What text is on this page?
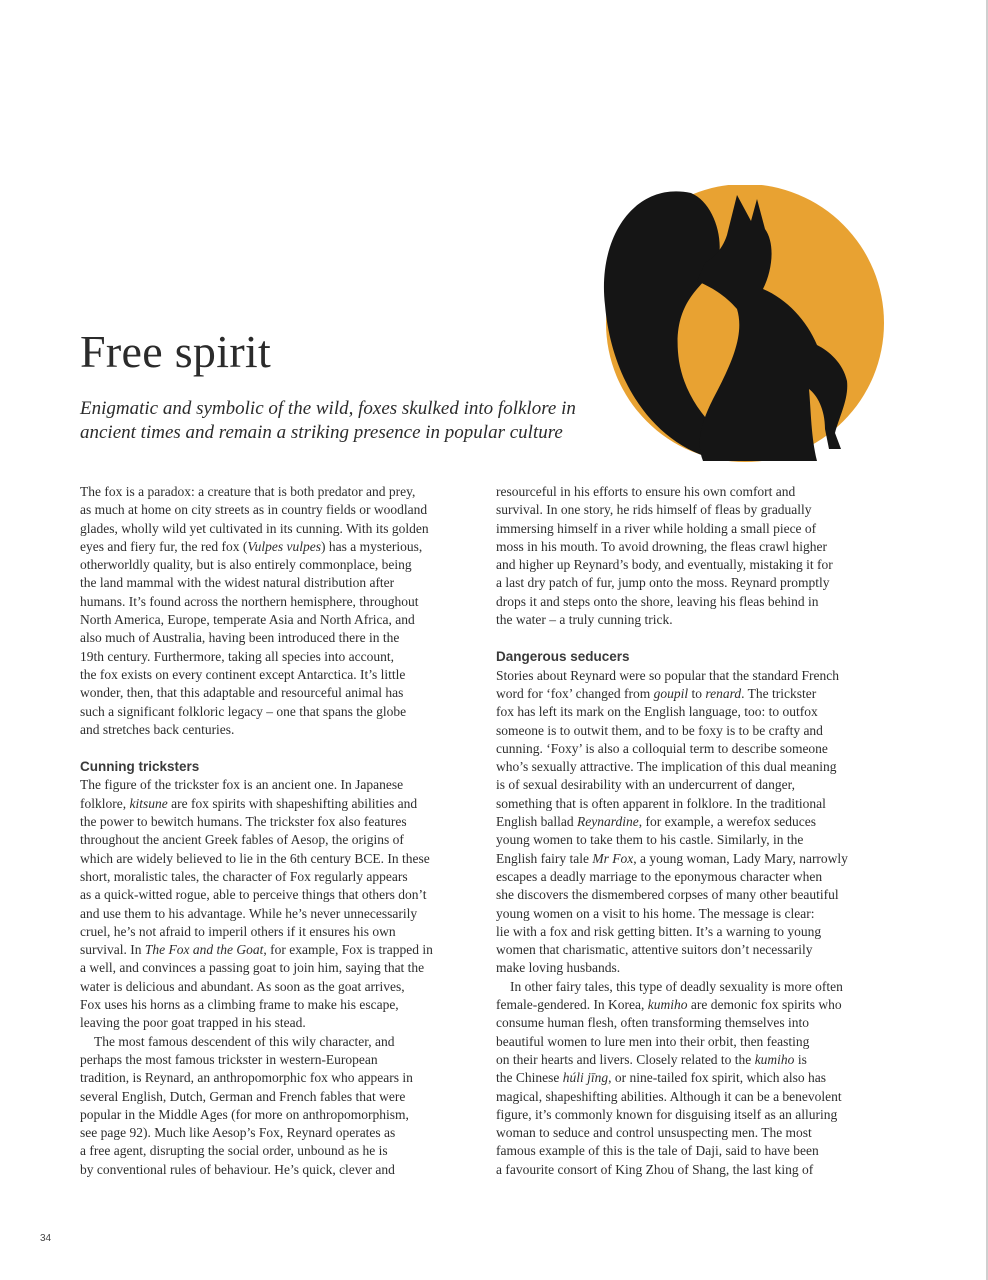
Free spirit
Enigmatic and symbolic of the wild, foxes skulked into folklore in
ancient times and remain a striking presence in popular culture

The fox is a paradox: a creature that is both predator and prey,
as much at home on city streets as in country fields or woodland
glades, wholly wild yet cultivated in its cunning. With its golden
eyes and fiery fur, the red fox (Vulpes vulpes) has a mysterious,
otherworldly quality, but is also entirely commonplace, being
the land mammal with the widest natural distribution after
humans. It’s found across the northern hemisphere, throughout
North America, Europe, temperate Asia and North Africa, and
also much of Australia, having been introduced there in the
19th century. Furthermore, taking all species into account,
the fox exists on every continent except Antarctica. It’s little
wonder, then, that this adaptable and resourceful animal has
such a significant folkloric legacy – one that spans the globe
and stretches back centuries.

Cunning tricksters

The figure of the trickster fox is an ancient one. In Japanese
folklore, kitsune are fox spirits with shapeshifting abilities and
the power to bewitch humans. The trickster fox also features
throughout the ancient Greek fables of Aesop, the origins of
which are widely believed to lie in the 6th century BCE. In these
short, moralistic tales, the character of Fox regularly appears
as a quick-witted rogue, able to perceive things that others don’t
and use them to his advantage. While he’s never unnecessarily
cruel, he’s not afraid to imperil others if it ensures his own
survival. In The Fox and the Goat, for example, Fox is trapped in
a well, and convinces a passing goat to join him, saying that the
water is delicious and abundant. As soon as the goat arrives,
Fox uses his horns as a climbing frame to make his escape,
leaving the poor goat trapped in his stead.

The most famous descendent of this wily character, and
perhaps the most famous trickster in western-European
tradition, is Reynard, an anthropomorphic fox who appears in
several English, Dutch, German and French fables that were
popular in the Middle Ages (for more on anthropomorphism,
see page 92). Much like Aesop’s Fox, Reynard operates as
a free agent, disrupting the social order, unbound as he is
by conventional rules of behaviour. He’s quick, clever and

resourceful in his efforts to ensure his own comfort and
survival. In one story, he rids himself of fleas by gradually
immersing himself in a river while holding a small piece of
moss in his mouth. To avoid drowning, the fleas crawl higher
and higher up Reynard’s body, and eventually, mistaking it for
a last dry patch of fur, jump onto the moss. Reynard promptly
drops it and steps onto the shore, leaving his fleas behind in
the water – a truly cunning trick.

Dangerous seducers

Stories about Reynard were so popular that the standard French
word for ‘fox’ changed from goupil to renard. The trickster
fox has left its mark on the English language, too: to outfox
someone is to outwit them, and to be foxy is to be crafty and
cunning. ‘Foxy’ is also a colloquial term to describe someone
who’s sexually attractive. The implication of this dual meaning
is of sexual desirability with an undercurrent of danger,
something that is often apparent in folklore. In the traditional
English ballad Reynardine, for example, a werefox seduces
young women to take them to his castle. Similarly, in the
English fairy tale Mr Fox, a young woman, Lady Mary, narrowly
escapes a deadly marriage to the eponymous character when
she discovers the dismembered corpses of many other beautiful
young women on a visit to his home. The message is clear:
lie with a fox and risk getting bitten. It’s a warning to young
women that charismatic, attentive suitors don’t necessarily
make loving husbands.

In other fairy tales, this type of deadly sexuality is more often
female-gendered. In Korea, kumiho are demonic fox spirits who
consume human flesh, often transforming themselves into
beautiful women to lure men into their orbit, then feasting
on their hearts and livers. Closely related to the kumiho is
the Chinese húli jīng, or nine-tailed fox spirit, which also has
magical, shapeshifting abilities. Although it can be a benevolent
figure, it’s commonly known for disguising itself as an alluring
woman to seduce and control unsuspecting men. The most
famous example of this is the tale of Daji, said to have been
a favourite consort of King Zhou of Shang, the last king of

34
